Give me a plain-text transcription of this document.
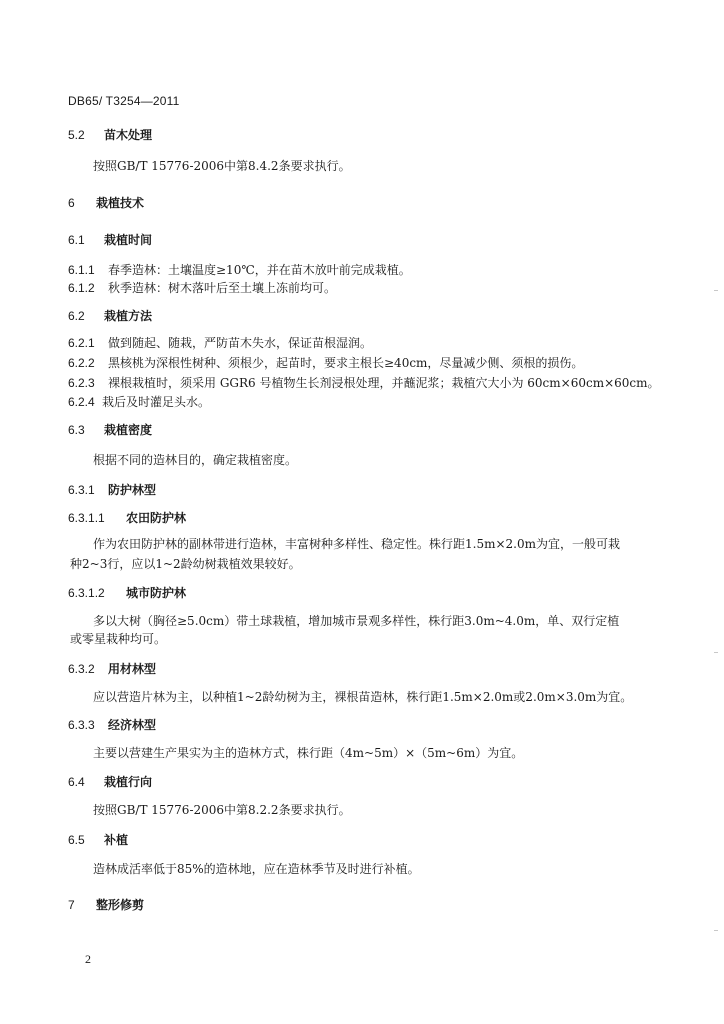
DB65/ T3254—2011
5.2 苗木处理
按照GB/T 15776-2006中第8.4.2条要求执行。
6 栽植技术
6.1 栽植时间
6.1.1 春季造林：土壤温度≥10℃，并在苗木放叶前完成栽植。
6.1.2 秋季造林：树木落叶后至土壤上冻前均可。
6.2 栽植方法
6.2.1 做到随起、随栽，严防苗木失水，保证苗根湿润。
6.2.2 黑核桃为深根性树种、须根少，起苗时，要求主根长≥40cm，尽量减少侧、须根的损伤。
6.2.3 裸根栽植时，须采用 GGR6 号植物生长剂浸根处理，并蘸泥浆；栽植穴大小为 60cm×60cm×60cm。
6.2.4 栽后及时灌足头水。
6.3 栽植密度
根据不同的造林目的，确定栽植密度。
6.3.1 防护林型
6.3.1.1 农田防护林
作为农田防护林的副林带进行造林，丰富树种多样性、稳定性。株行距1.5m×2.0m为宜，一般可栽
种2~3行，应以1~2龄幼树栽植效果较好。
6.3.1.2 城市防护林
多以大树（胸径≥5.0cm）带土球栽植，增加城市景观多样性，株行距3.0m~4.0m，单、双行定植
或零星栽种均可。
6.3.2 用材林型
应以营造片林为主，以种植1~2龄幼树为主，裸根苗造林，株行距1.5m×2.0m或2.0m×3.0m为宜。
6.3.3 经济林型
主要以营建生产果实为主的造林方式，株行距（4m~5m）×（5m~6m）为宜。
6.4 栽植行向
按照GB/T 15776-2006中第8.2.2条要求执行。
6.5 补植
造林成活率低于85%的造林地，应在造林季节及时进行补植。
7 整形修剪
2
